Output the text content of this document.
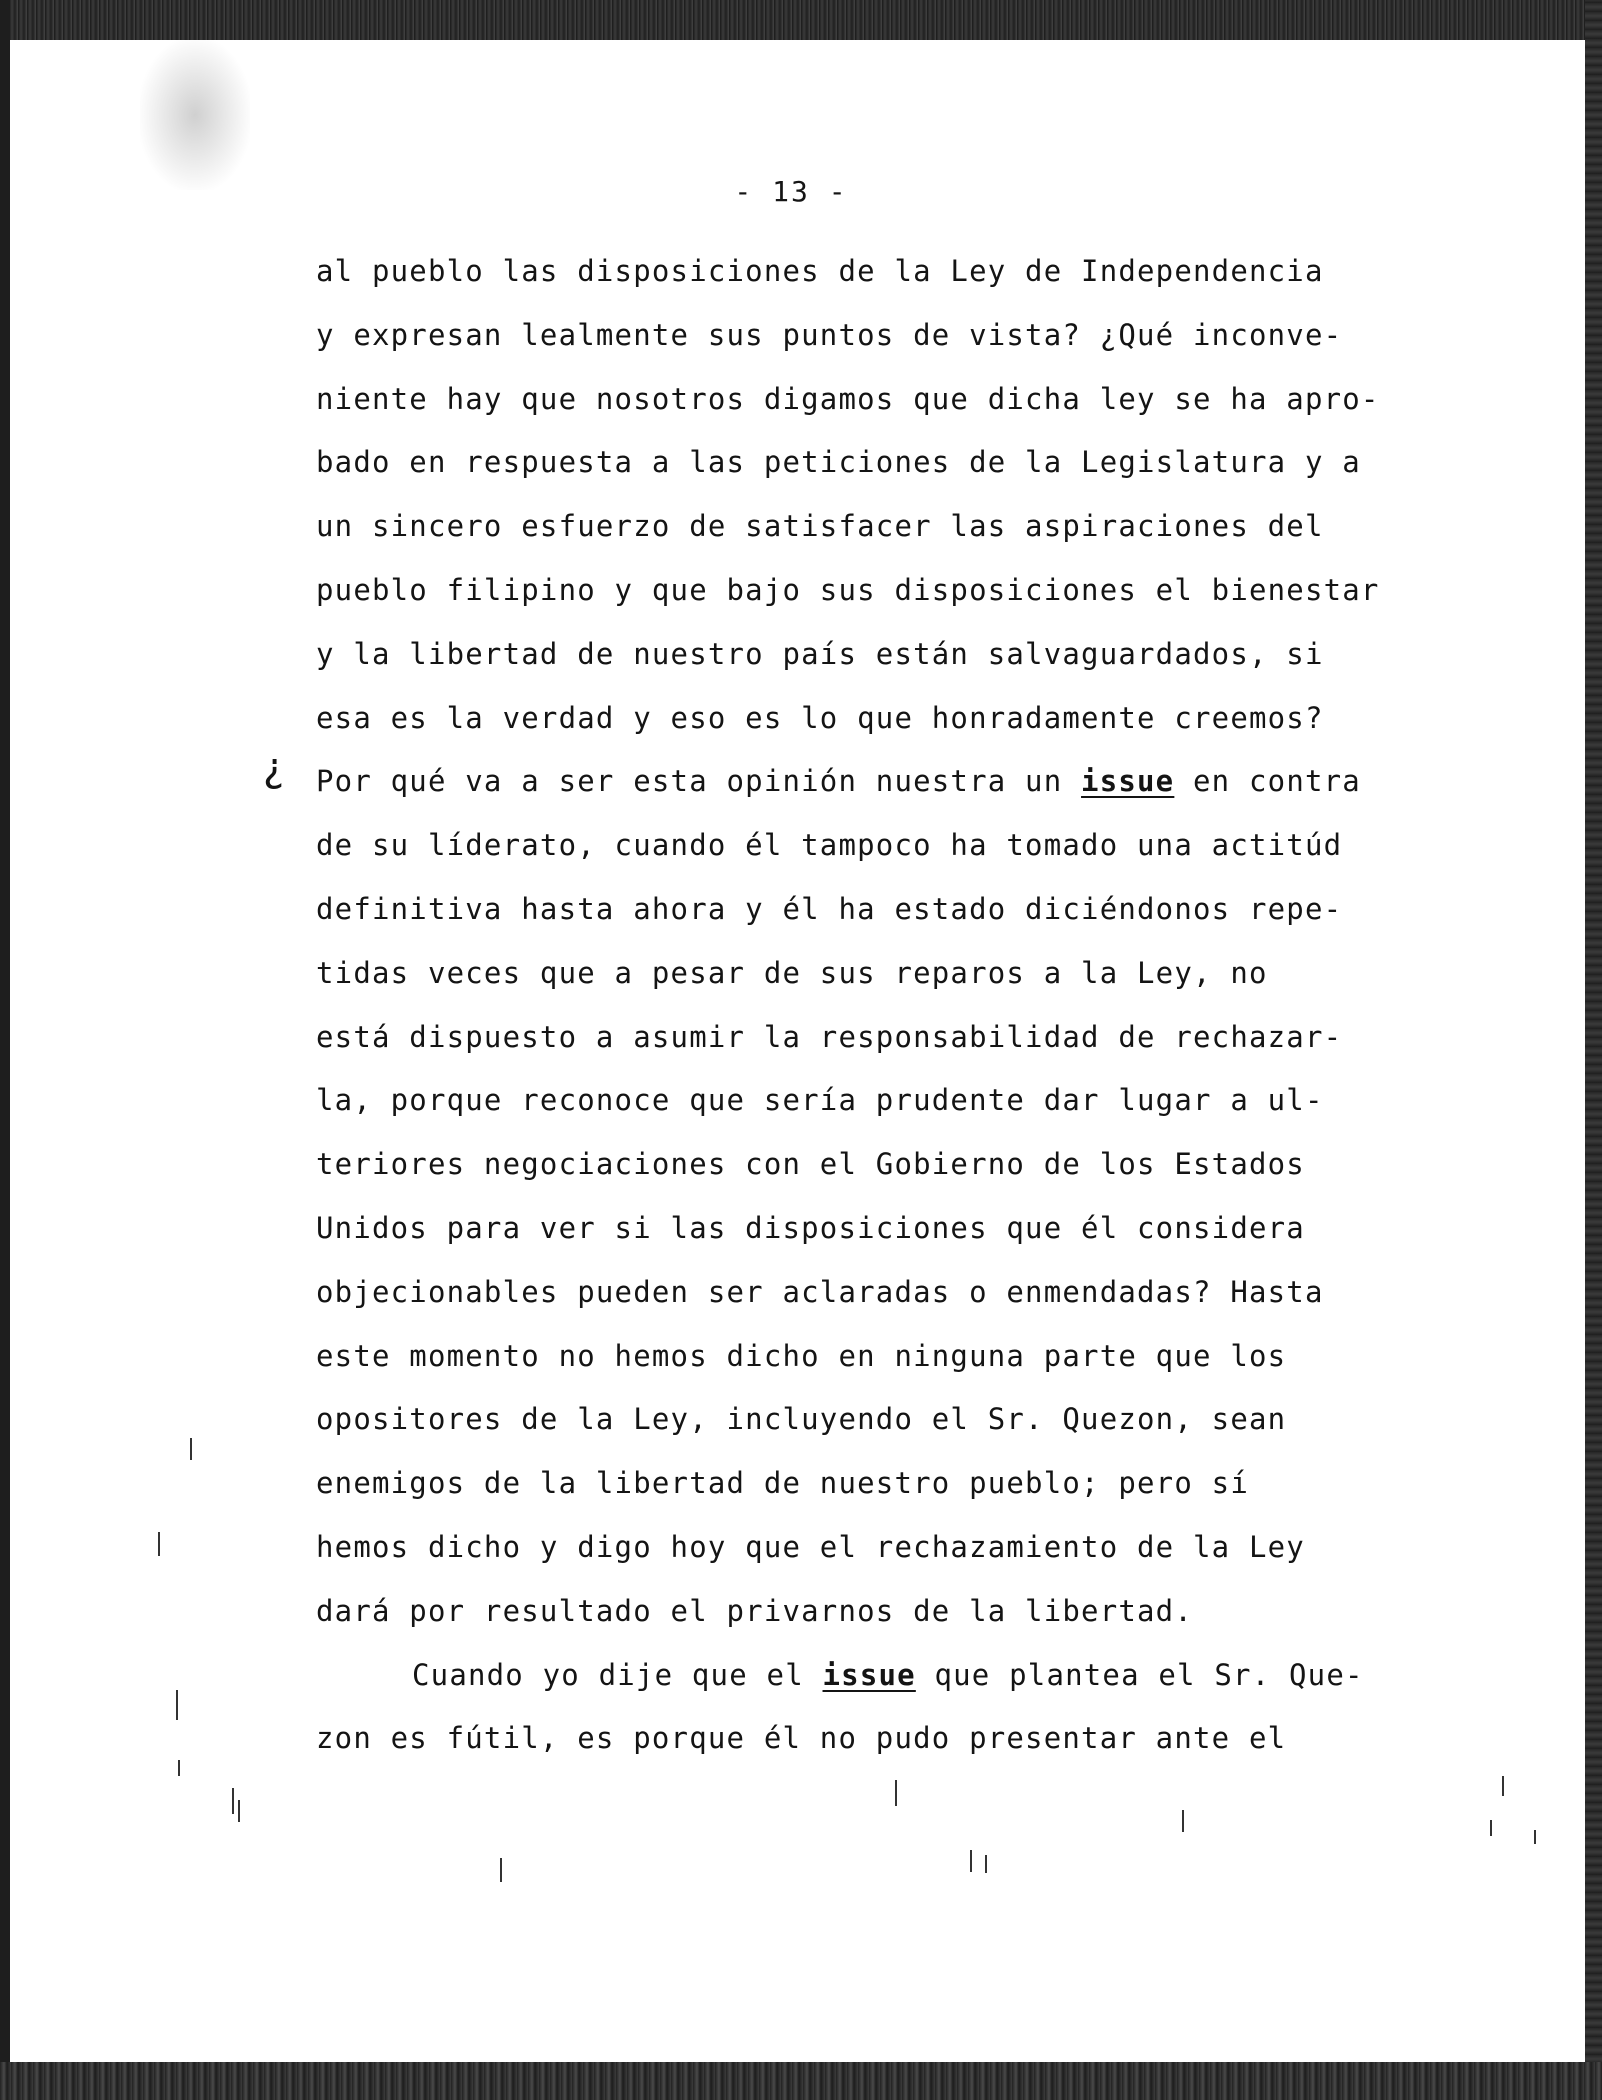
- 13 -
¿
al pueblo las disposiciones de la Ley de Independencia
y expresan lealmente sus puntos de vista? ¿Qué inconve-
niente hay que nosotros digamos que dicha ley se ha apro-
bado en respuesta a las peticiones de la Legislatura y a
un sincero esfuerzo de satisfacer las aspiraciones del
pueblo filipino y que bajo sus disposiciones el bienestar
y la libertad de nuestro país están salvaguardados, si
esa es la verdad y eso es lo que honradamente creemos?
Por qué va a ser esta opinión nuestra un issue en contra
de su líderato, cuando él tampoco ha tomado una actitúd
definitiva hasta ahora y él ha estado diciéndonos repe-
tidas veces que a pesar de sus reparos a la Ley, no
está dispuesto a asumir la responsabilidad de rechazar-
la, porque reconoce que sería prudente dar lugar a ul-
teriores negociaciones con el Gobierno de los Estados
Unidos para ver si las disposiciones que él considera
objecionables pueden ser aclaradas o enmendadas? Hasta
este momento no hemos dicho en ninguna parte que los
opositores de la Ley, incluyendo el Sr. Quezon, sean
enemigos de la libertad de nuestro pueblo; pero sí
hemos dicho y digo hoy que el rechazamiento de la Ley
dará por resultado el privarnos de la libertad.
Cuando yo dije que el issue que plantea el Sr. Que-
zon es fútil, es porque él no pudo presentar ante el
